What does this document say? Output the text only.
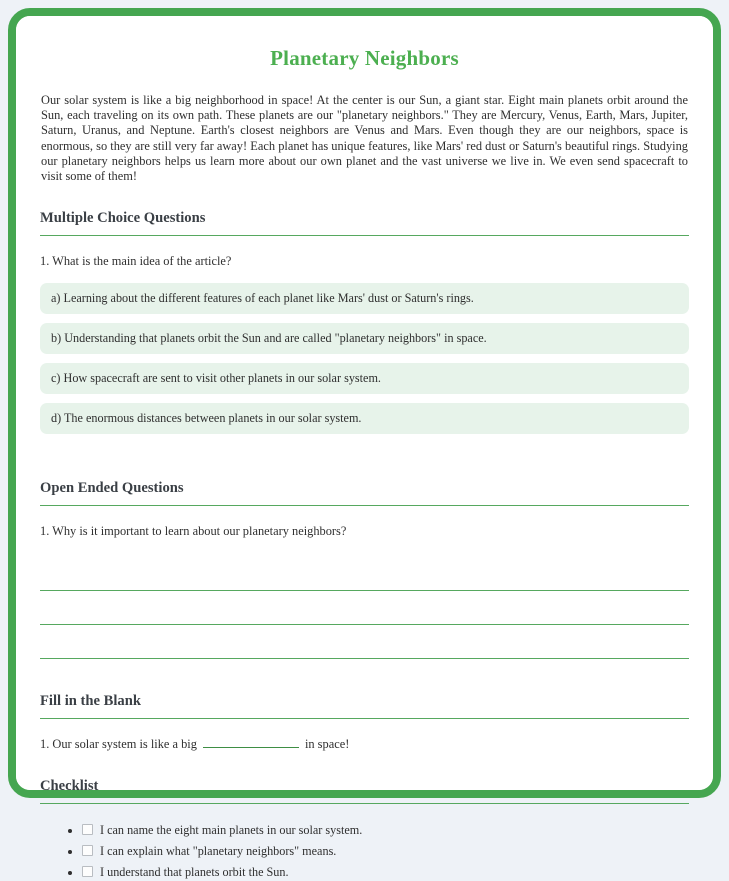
Planetary Neighbors

Our solar system is like a big neighborhood in space! At the center is our Sun, a giant star. Eight main planets orbit around the Sun, each traveling on its own path. These planets are our "planetary neighbors." They are Mercury, Venus, Earth, Mars, Jupiter, Saturn, Uranus, and Neptune. Earth's closest neighbors are Venus and Mars. Even though they are our neighbors, space is enormous, so they are still very far away! Each planet has unique features, like Mars' red dust or Saturn's beautiful rings. Studying our planetary neighbors helps us learn more about our own planet and the vast universe we live in. We even send spacecraft to visit some of them!

Multiple Choice Questions
1. What is the main idea of the article?
a) Learning about the different features of each planet like Mars' dust or Saturn's rings.
b) Understanding that planets orbit the Sun and are called "planetary neighbors" in space.
c) How spacecraft are sent to visit other planets in our solar system.
d) The enormous distances between planets in our solar system.
Open Ended Questions
1. Why is it important to learn about our planetary neighbors?
Fill in the Blank
1. Our solar system is like a big	in space!
Checklist
• I can name the eight main planets in our solar system.
• I can explain what "planetary neighbors" means.
• I understand that planets orbit the Sun.
